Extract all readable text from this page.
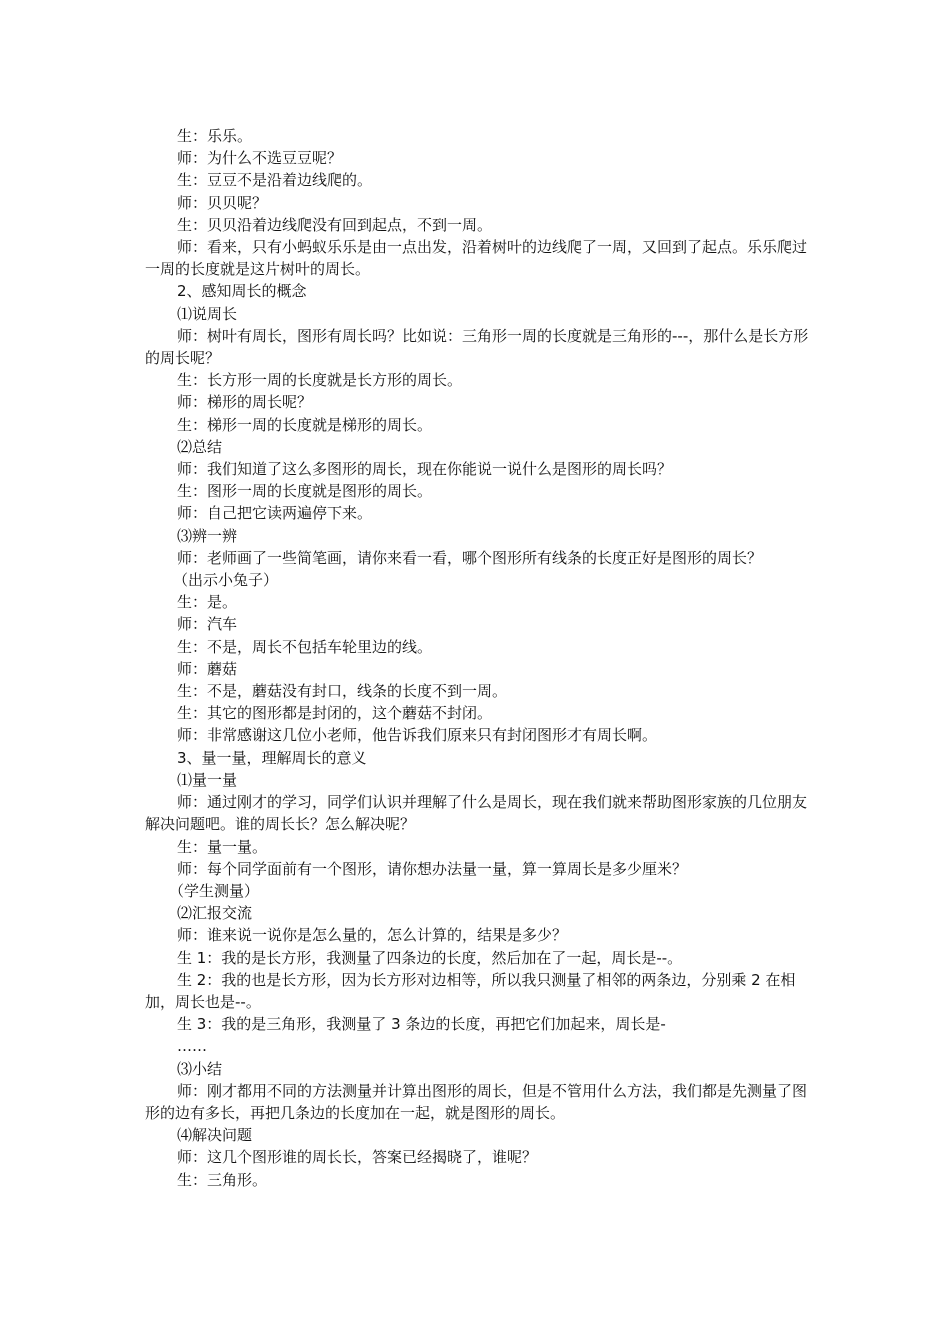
生：乐乐。

师：为什么不选豆豆呢？

生：豆豆不是沿着边线爬的。

师：贝贝呢？

生：贝贝沿着边线爬没有回到起点，不到一周。

师：看来，只有小蚂蚁乐乐是由一点出发，沿着树叶的边线爬了一周，又回到了起点。乐乐爬过一周的长度就是这片树叶的周长。

2、感知周长的概念

⑴说周长

师：树叶有周长，图形有周长吗？比如说：三角形一周的长度就是三角形的---，那什么是长方形的周长呢？

生：长方形一周的长度就是长方形的周长。

师：梯形的周长呢？

生：梯形一周的长度就是梯形的周长。

⑵总结

师：我们知道了这么多图形的周长，现在你能说一说什么是图形的周长吗？

生：图形一周的长度就是图形的周长。

师：自己把它读两遍停下来。

⑶辨一辨

师：老师画了一些简笔画，请你来看一看，哪个图形所有线条的长度正好是图形的周长？

（出示小兔子）

生：是。

师：汽车

生：不是，周长不包括车轮里边的线。

师：蘑菇

生：不是，蘑菇没有封口，线条的长度不到一周。

生：其它的图形都是封闭的，这个蘑菇不封闭。

师：非常感谢这几位小老师，他告诉我们原来只有封闭图形才有周长啊。

3、量一量，理解周长的意义

⑴量一量

师：通过刚才的学习，同学们认识并理解了什么是周长，现在我们就来帮助图形家族的几位朋友解决问题吧。谁的周长长？怎么解决呢？

生：量一量。

师：每个同学面前有一个图形，请你想办法量一量，算一算周长是多少厘米？

（学生测量）

⑵汇报交流

师：谁来说一说你是怎么量的，怎么计算的，结果是多少？

生 1：我的是长方形，我测量了四条边的长度，然后加在了一起，周长是--。

生 2：我的也是长方形，因为长方形对边相等，所以我只测量了相邻的两条边，分别乘 2 在相加，周长也是--。

生 3：我的是三角形，我测量了 3 条边的长度，再把它们加起来，周长是-

……

⑶小结

师：刚才都用不同的方法测量并计算出图形的周长，但是不管用什么方法，我们都是先测量了图形的边有多长，再把几条边的长度加在一起，就是图形的周长。

⑷解决问题

师：这几个图形谁的周长长，答案已经揭晓了，谁呢？

生：三角形。
